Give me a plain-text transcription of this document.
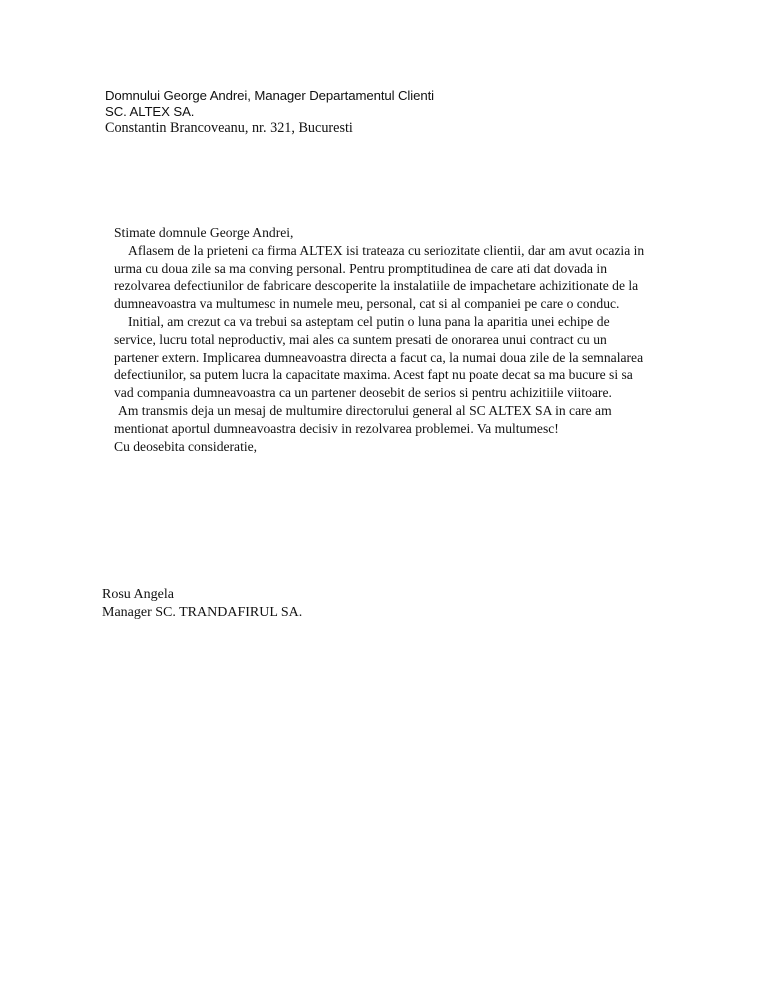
Domnului George Andrei, Manager Departamentul Clienti
SC. ALTEX SA.
Constantin Brancoveanu, nr. 321, Bucuresti

Stimate domnule George Andrei,

Aflasem de la prieteni ca firma ALTEX isi trateaza cu seriozitate clientii, dar am avut ocazia in urma cu doua zile sa ma conving personal. Pentru promptitudinea de care ati dat dovada in rezolvarea defectiunilor de fabricare descoperite la instalatiile de impachetare achizitionate de la dumneavoastra va multumesc in numele meu, personal, cat si al companiei pe care o conduc.

Initial, am crezut ca va trebui sa asteptam cel putin o luna pana la aparitia unei echipe de service, lucru total neproductiv, mai ales ca suntem presati de onorarea unui contract cu un partener extern. Implicarea dumneavoastra directa a facut ca, la numai doua zile de la semnalarea defectiunilor, sa putem lucra la capacitate maxima. Acest fapt nu poate decat sa ma bucure si sa vad compania dumneavoastra ca un partener deosebit de serios si pentru achizitiile viitoare.

Am transmis deja un mesaj de multumire directorului general al SC ALTEX SA in care am mentionat aportul dumneavoastra decisiv in rezolvarea problemei. Va multumesc!

Cu deosebita consideratie,

Rosu Angela
Manager SC. TRANDAFIRUL SA.
